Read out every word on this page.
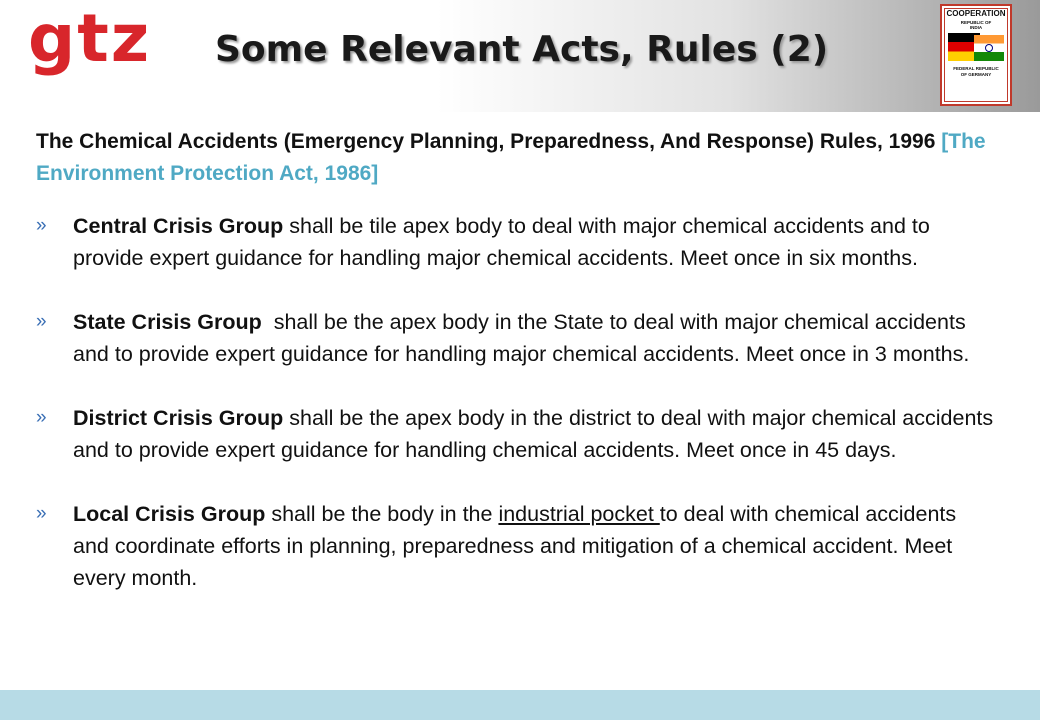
gtz Some Relevant Acts, Rules (2)
COOPERATION
REPUBLIC OF
INDIA
FEDERAL REPUBLIC
OF GERMANY

The Chemical Accidents (Emergency Planning, Preparedness, And Response) Rules, 1996 [The Environment Protection Act, 1986]

» Central Crisis Group shall be tile apex body to deal with major chemical accidents and to provide expert guidance for handling major chemical accidents. Meet once in six months.
» State Crisis Group  shall be the apex body in the State to deal with major chemical accidents and to provide expert guidance for handling major chemical accidents. Meet once in 3 months.
» District Crisis Group shall be the apex body in the district to deal with major chemical accidents and to provide expert guidance for handling chemical accidents. Meet once in 45 days.
» Local Crisis Group shall be the body in the industrial pocket to deal with chemical accidents and coordinate efforts in planning, preparedness and mitigation of a chemical accident. Meet every month.
